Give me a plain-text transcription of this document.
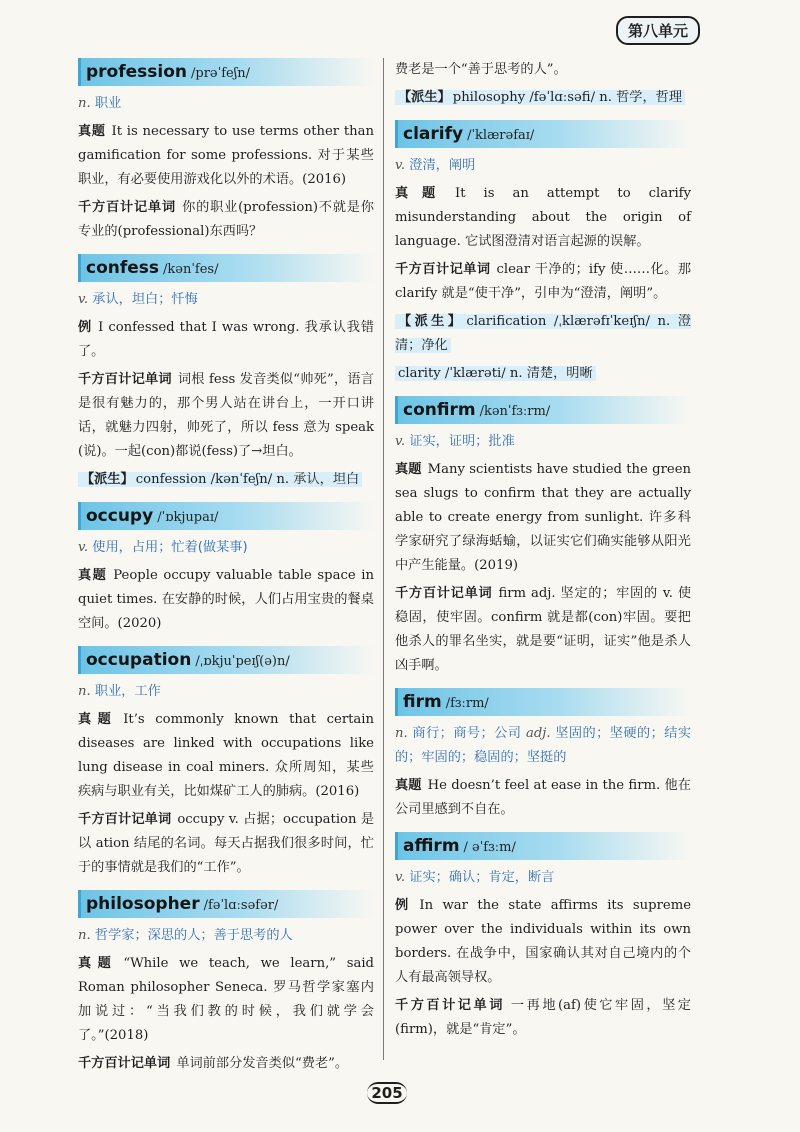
第八单元
profession /prəˈfeʃn/

n. 职业

真题 It is necessary to use terms other than gamification for some professions. 对于某些职业，有必要使用游戏化以外的术语。(2016)

千方百计记单词 你的职业(profession)不就是你专业的(professional)东西吗？

confess /kənˈfes/

v. 承认，坦白；忏悔

例 I confessed that I was wrong. 我承认我错了。

千方百计记单词 词根 fess 发音类似“帅死”，语言是很有魅力的，那个男人站在讲台上，一开口讲话，就魅力四射，帅死了，所以 fess 意为 speak (说)。一起(con)都说(fess)了→坦白。

【派生】 confession /kənˈfeʃn/ n. 承认，坦白

occupy /ˈɒkjupaɪ/

v. 使用，占用；忙着(做某事)

真题 People occupy valuable table space in quiet times. 在安静的时候，人们占用宝贵的餐桌空间。(2020)

occupation /ˌɒkjuˈpeɪʃ(ə)n/

n. 职业，工作

真题 It’s commonly known that certain diseases are linked with occupations like lung disease in coal miners. 众所周知，某些疾病与职业有关，比如煤矿工人的肺病。(2016)

千方百计记单词 occupy v. 占据；occupation 是以 ation 结尾的名词。每天占据我们很多时间，忙于的事情就是我们的“工作”。

philosopher /fəˈlɑːsəfər/

n. 哲学家；深思的人；善于思考的人

真题 “While we teach, we learn,” said Roman philosopher Seneca. 罗马哲学家塞内加说过：“当我们教的时候，我们就学会了。”(2018)

千方百计记单词 单词前部分发音类似“费老”。

费老是一个“善于思考的人”。

【派生】 philosophy /fəˈlɑːsəfi/ n. 哲学，哲理

clarify /ˈklærəfaɪ/

v. 澄清，阐明

真题 It is an attempt to clarify misunderstanding about the origin of language. 它试图澄清对语言起源的误解。

千方百计记单词 clear 干净的；ify 使……化。那 clarify 就是“使干净”，引申为“澄清，阐明”。

【派生】 clarification /ˌklærəfɪˈkeɪʃn/ n. 澄清；净化

clarity /ˈklærəti/ n. 清楚，明晰

confirm /kənˈfɜːrm/

v. 证实，证明；批准

真题 Many scientists have studied the green sea slugs to confirm that they are actually able to create energy from sunlight. 许多科学家研究了绿海蛞蝓，以证实它们确实能够从阳光中产生能量。(2019)

千方百计记单词 firm adj. 坚定的；牢固的 v. 使稳固，使牢固。confirm 就是都(con)牢固。要把他杀人的罪名坐实，就是要“证明，证实”他是杀人凶手啊。

firm /fɜːrm/

n. 商行；商号；公司 adj. 坚固的；坚硬的；结实的；牢固的；稳固的；坚挺的

真题 He doesn’t feel at ease in the firm. 他在公司里感到不自在。

affirm / əˈfɜːm/

v. 证实；确认；肯定，断言

例 In war the state affirms its supreme power over the individuals within its own borders. 在战争中，国家确认其对自己境内的个人有最高领导权。

千方百计记单词 一再地(af)使它牢固，坚定(firm)，就是“肯定”。

205
